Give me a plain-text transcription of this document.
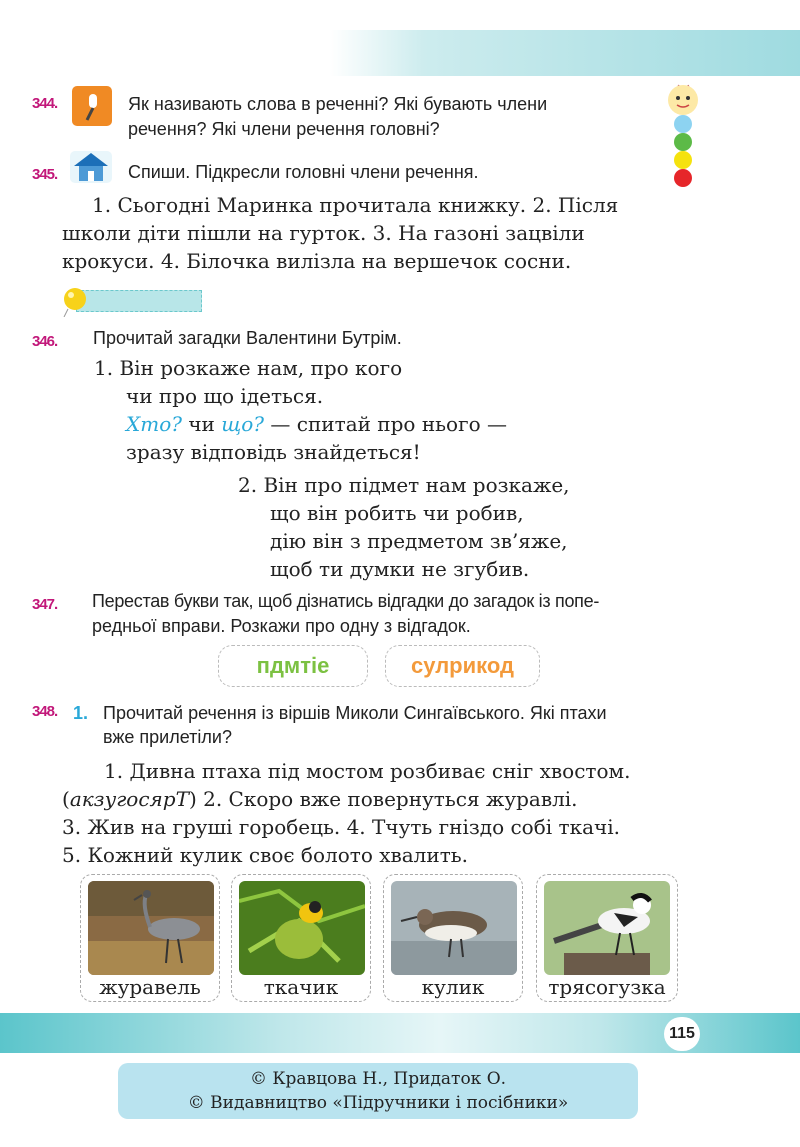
344.	Як називають слова в реченні? Які бувають члени
речення? Які члени речення головні?
345.	Спиши. Підкресли головні члени речення.
1. Сьогодні Маринка прочитала книжку. 2. Після
школи діти пішли на гурток. 3. На газоні зацвіли
крокуси. 4. Білочка вилізла на вершечок сосни.
346. Прочитай загадки Валентини Бутрім.
1. Він розкаже нам, про кого
чи про що ідеться.
Хто? чи що? — спитай про нього —
зразу відповідь знайдеться!
2. Він про підмет нам розкаже,
що він робить чи робив,
дію він з предметом зв’яже,
щоб ти думки не згубив.
347. Перестав букви так, щоб дізнатись відгадки до загадок із попе-
редньої вправи. Розкажи про одну з відгадок.
пдмтіе	сулрикод
348. 1. Прочитай речення із віршів Миколи Сингаївського. Які птахи
вже прилетіли?
1. Дивна птаха під мостом розбиває сніг хвостом.
(акзугосярТ) 2. Скоро вже повернуться журавлі.
3. Жив на груші горобець. 4. Тчуть гніздо собі ткачі.
5. Кожний кулик своє болото хвалить.
журавель	ткачик	кулик	трясогузка
115
© Кравцова Н., Придаток О.
© Видавництво «Підручники і посібники»
